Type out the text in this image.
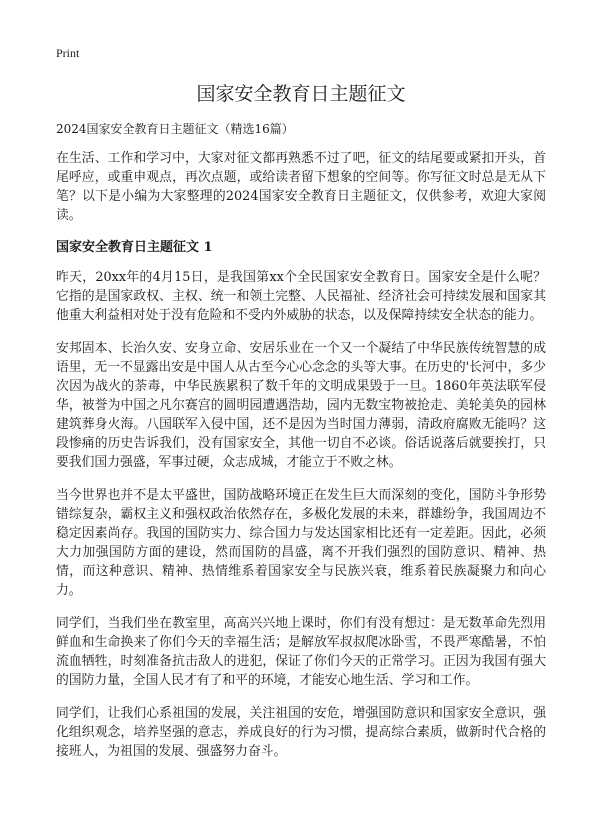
Print
国家安全教育日主题征文

2024国家安全教育日主题征文（精选16篇）

在生活、工作和学习中，大家对征文都再熟悉不过了吧，征文的结尾要或紧扣开头，首尾呼应，或重申观点，再次点题，或给读者留下想象的空间等。你写征文时总是无从下笔？以下是小编为大家整理的2024国家安全教育日主题征文，仅供参考，欢迎大家阅读。

国家安全教育日主题征文 1

昨天，20xx年的4月15日，是我国第xx个全民国家安全教育日。国家安全是什么呢？它指的是国家政权、主权、统一和领土完整、人民福祉、经济社会可持续发展和国家其他重大利益相对处于没有危险和不受内外威胁的状态，以及保障持续安全状态的能力。

安邦固本、长治久安、安身立命、安居乐业在一个又一个凝结了中华民族传统智慧的成语里，无一不显露出安是中国人从古至今心心念念的头等大事。在历史的'长河中，多少次因为战火的荼毒，中华民族累积了数千年的文明成果毁于一旦。1860年英法联军侵华，被誉为中国之凡尔赛宫的圆明园遭遇浩劫，园内无数宝物被抢走、美轮美奂的园林建筑葬身火海。八国联军入侵中国，还不是因为当时国力薄弱，清政府腐败无能吗？这段惨痛的历史告诉我们，没有国家安全，其他一切自不必谈。俗话说落后就要挨打，只要我们国力强盛，军事过硬，众志成城，才能立于不败之林。

当今世界也并不是太平盛世，国防战略环境正在发生巨大而深刻的变化，国防斗争形势错综复杂，霸权主义和强权政治依然存在，多极化发展的未来，群雄纷争，我国周边不稳定因素尚存。我国的国防实力、综合国力与发达国家相比还有一定差距。因此，必须大力加强国防方面的建设，然而国防的昌盛，离不开我们强烈的国防意识、精神、热情，而这种意识、精神、热情维系着国家安全与民族兴衰，维系着民族凝聚力和向心力。

同学们，当我们坐在教室里，高高兴兴地上课时，你们有没有想过：是无数革命先烈用鲜血和生命换来了你们今天的幸福生活；是解放军叔叔爬冰卧雪，不畏严寒酷暑，不怕流血牺牲，时刻准备抗击敌人的进犯，保证了你们今天的正常学习。正因为我国有强大的国防力量，全国人民才有了和平的环境，才能安心地生活、学习和工作。

同学们，让我们心系祖国的发展，关注祖国的安危，增强国防意识和国家安全意识，强化组织观念，培养坚强的意志，养成良好的行为习惯，提高综合素质，做新时代合格的接班人，为祖国的发展、强盛努力奋斗。
